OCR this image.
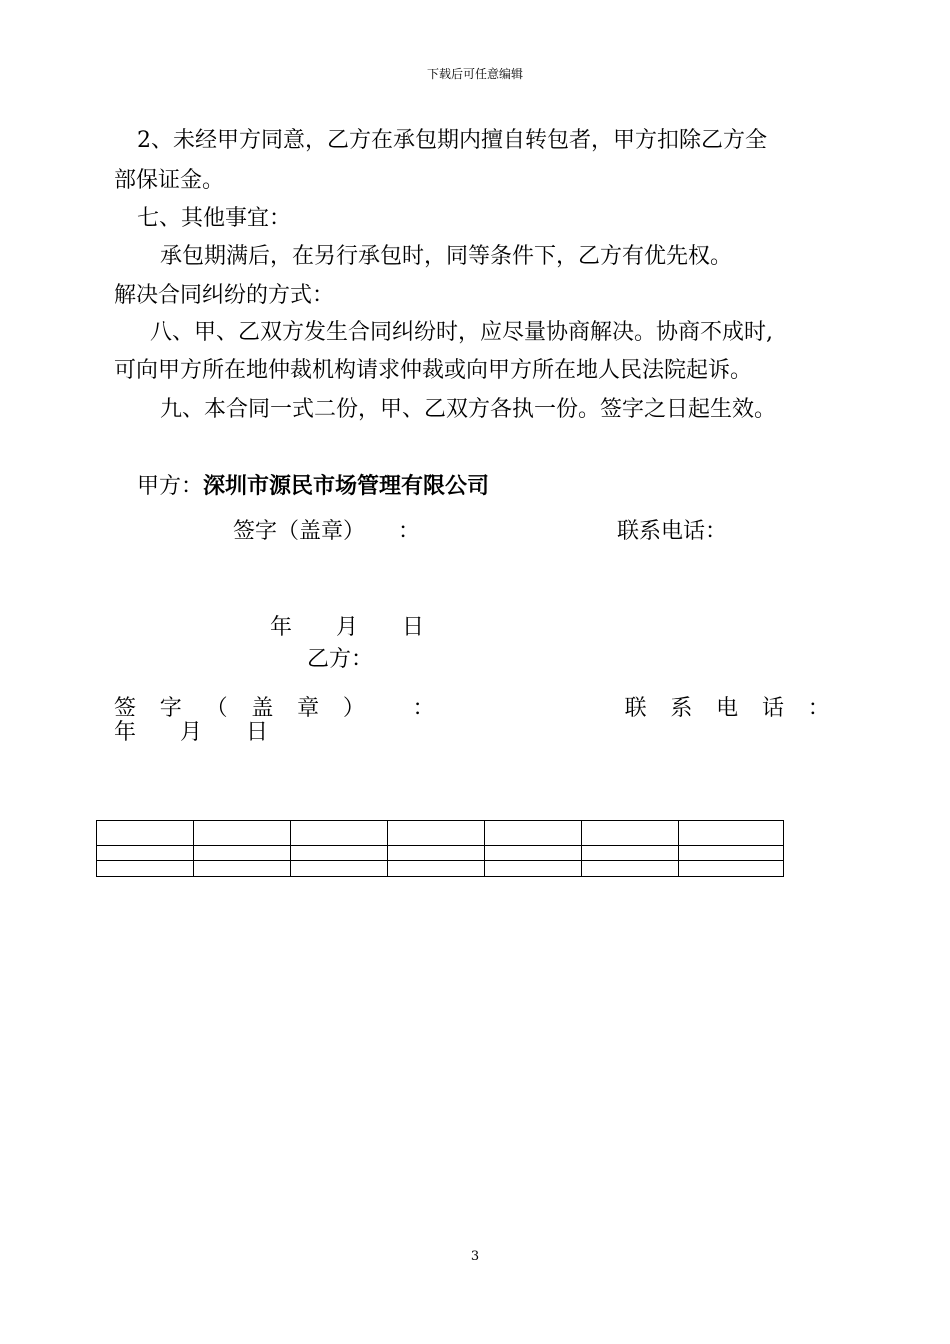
下载后可任意编辑
2、未经甲方同意，乙方在承包期内擅自转包者，甲方扣除乙方全
部保证金。
七、其他事宜：
承包期满后，在另行承包时，同等条件下，乙方有优先权。
解决合同纠纷的方式：
八、甲、乙双方发生合同纠纷时，应尽量协商解决。协商不成时,
可向甲方所在地仲裁机构请求仲裁或向甲方所在地人民法院起诉。
九、本合同一式二份，甲、乙双方各执一份。签字之日起生效。
甲方：深圳市源民市场管理有限公司
签字（盖章） ：	联系电话：
年　　月　　日
乙方：
签 字 （ 盖 章 ） ：	联 系 电 话 ：
年　　月　　日

3
